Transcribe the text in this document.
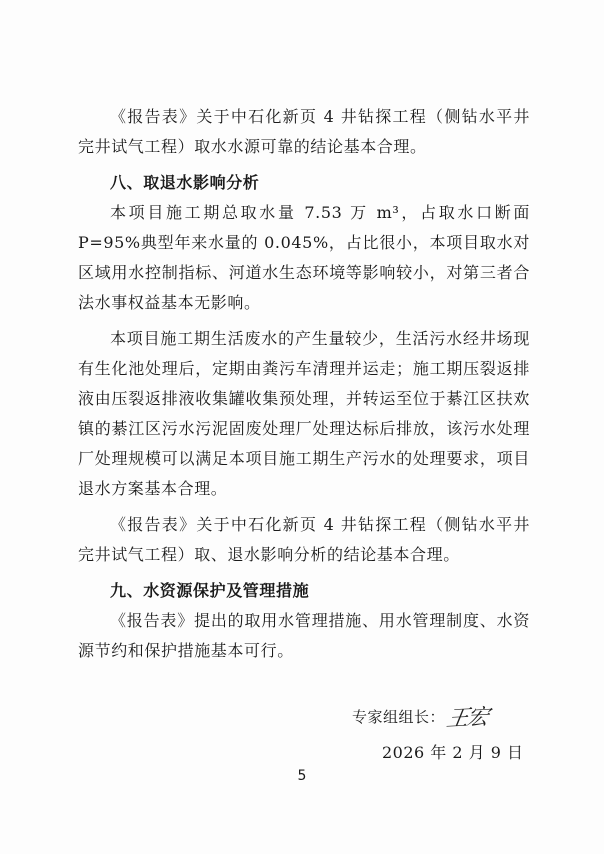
《报告表》关于中石化新页 4 井钻探工程（侧钻水平井完井试气工程）取水水源可靠的结论基本合理。

八、取退水影响分析

本项目施工期总取水量 7.53 万 m³，占取水口断面 P=95%典型年来水量的 0.045%，占比很小，本项目取水对区域用水控制指标、河道水生态环境等影响较小，对第三者合法水事权益基本无影响。

本项目施工期生活废水的产生量较少，生活污水经井场现有生化池处理后，定期由粪污车清理并运走；施工期压裂返排液由压裂返排液收集罐收集预处理，并转运至位于綦江区扶欢镇的綦江区污水污泥固废处理厂处理达标后排放，该污水处理厂处理规模可以满足本项目施工期生产污水的处理要求，项目退水方案基本合理。

《报告表》关于中石化新页 4 井钻探工程（侧钻水平井完井试气工程）取、退水影响分析的结论基本合理。

九、水资源保护及管理措施

《报告表》提出的取用水管理措施、用水管理制度、水资源节约和保护措施基本可行。

专家组组长： 王宏
2026 年 2 月 9 日
5
